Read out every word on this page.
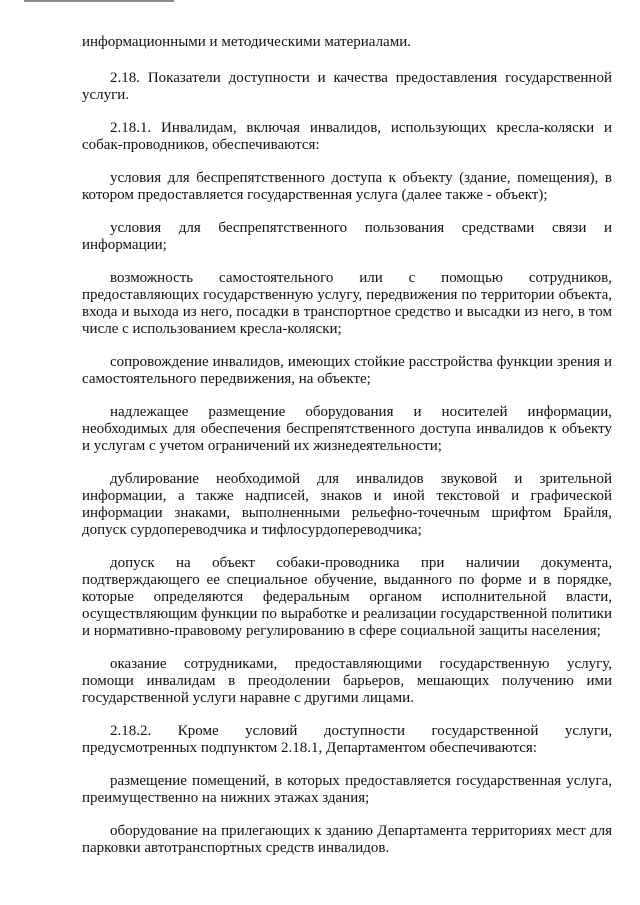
информационными и методическими материалами.

2.18. Показатели доступности и качества предоставления государственной услуги.

2.18.1. Инвалидам, включая инвалидов, использующих кресла-коляски и собак-проводников, обеспечиваются:

условия для беспрепятственного доступа к объекту (здание, помещения), в котором предоставляется государственная услуга (далее также - объект);

условия для беспрепятственного пользования средствами связи и информации;

возможность самостоятельного или с помощью сотрудников, предоставляющих государственную услугу, передвижения по территории объекта, входа и выхода из него, посадки в транспортное средство и высадки из него, в том числе с использованием кресла-коляски;

сопровождение инвалидов, имеющих стойкие расстройства функции зрения и самостоятельного передвижения, на объекте;

надлежащее размещение оборудования и носителей информации, необходимых для обеспечения беспрепятственного доступа инвалидов к объекту и услугам с учетом ограничений их жизнедеятельности;

дублирование необходимой для инвалидов звуковой и зрительной информации, а также надписей, знаков и иной текстовой и графической информации знаками, выполненными рельефно-точечным шрифтом Брайля, допуск сурдопереводчика и тифлосурдопереводчика;

допуск на объект собаки-проводника при наличии документа, подтверждающего ее специальное обучение, выданного по форме и в порядке, которые определяются федеральным органом исполнительной власти, осуществляющим функции по выработке и реализации государственной политики и нормативно-правовому регулированию в сфере социальной защиты населения;

оказание сотрудниками, предоставляющими государственную услугу, помощи инвалидам в преодолении барьеров, мешающих получению ими государственной услуги наравне с другими лицами.

2.18.2. Кроме условий доступности государственной услуги, предусмотренных подпунктом 2.18.1, Департаментом обеспечиваются:

размещение помещений, в которых предоставляется государственная услуга, преимущественно на нижних этажах здания;

оборудование на прилегающих к зданию Департамента территориях мест для парковки автотранспортных средств инвалидов.
